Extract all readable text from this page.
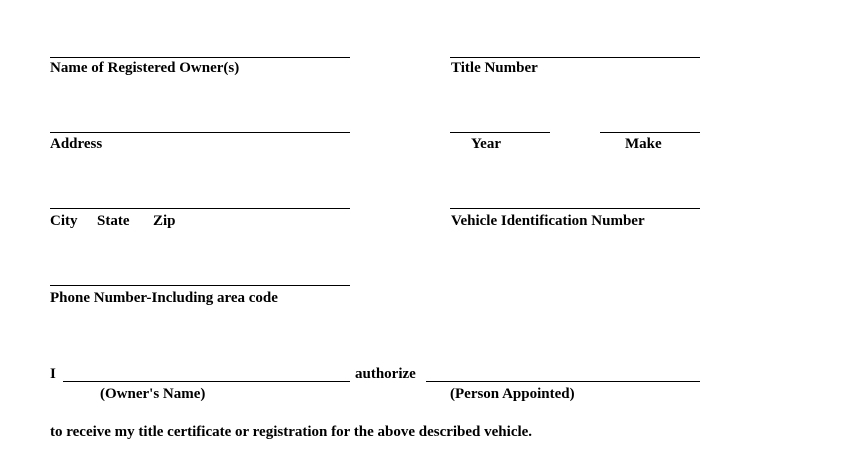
Name of Registered Owner(s)	Title Number
Address	Year	Make
City State Zip	Vehicle Identification Number
Phone Number-Including area code
I
(Owner's Name)
authorize
(Person Appointed)
to receive my title certificate or registration for the above described vehicle.
